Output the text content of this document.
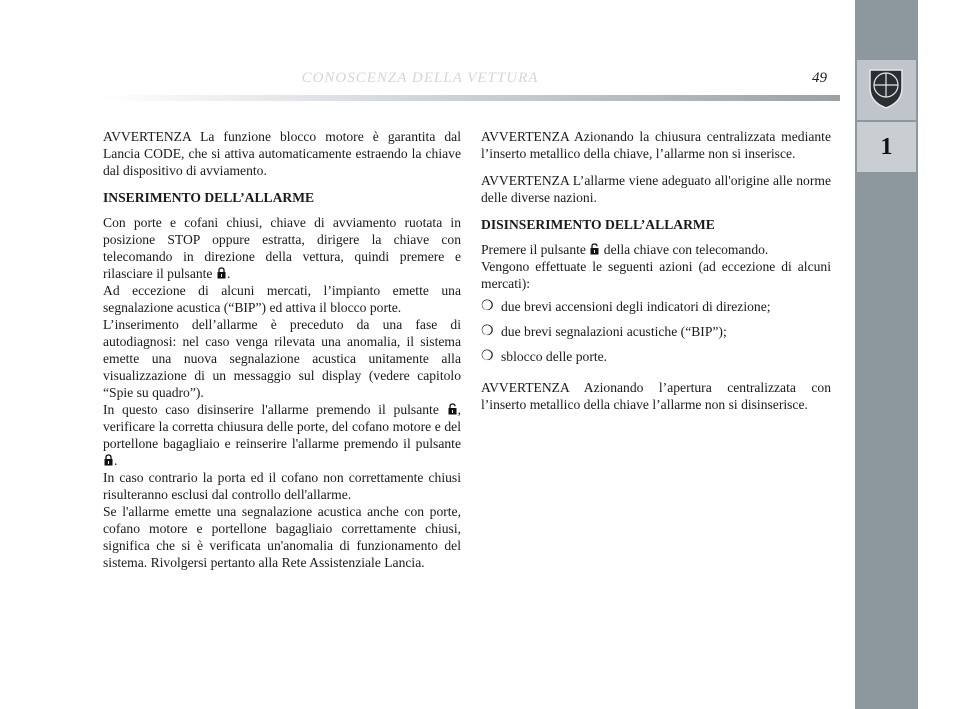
CONOSCENZA DELLA VETTURA	49
1

AVVERTENZA La funzione blocco motore è garantita dal Lancia CODE, che si attiva automaticamente estraendo la chiave dal dispositivo di avviamento.

INSERIMENTO DELL’ALLARME

Con porte e cofani chiusi, chiave di avviamento ruotata in posizione STOP oppure estratta, dirigere la chiave con telecomando in direzione della vettura, quindi premere e rilasciare il pulsante .

Ad eccezione di alcuni mercati, l’impianto emette una segnalazione acustica (“BIP”) ed attiva il blocco porte.

L’inserimento dell’allarme è preceduto da una fase di autodiagnosi: nel caso venga rilevata una anomalia, il sistema emette una nuova segnalazione acustica unitamente alla visualizzazione di un messaggio sul display (vedere capitolo “Spie su quadro”).

In questo caso disinserire l'allarme premendo il pulsante , verificare la corretta chiusura delle porte, del cofano motore e del portellone bagagliaio e reinserire l'allarme premendo il pulsante .

In caso contrario la porta ed il cofano non correttamente chiusi risulteranno esclusi dal controllo dell'allarme.

Se l'allarme emette una segnalazione acustica anche con porte, cofano motore e portellone bagagliaio correttamente chiusi, significa che si è verificata un'anomalia di funzionamento del sistema. Rivolgersi pertanto alla Rete Assistenziale Lancia.

AVVERTENZA Azionando la chiusura centralizzata mediante l’inserto metallico della chiave, l’allarme non si inserisce.

AVVERTENZA L’allarme viene adeguato all'origine alle norme delle diverse nazioni.

DISINSERIMENTO DELL’ALLARME

Premere il pulsante della chiave con telecomando.

Vengono effettuate le seguenti azioni (ad eccezione di alcuni mercati):

❍ due brevi accensioni degli indicatori di direzione;
❍ due brevi segnalazioni acustiche (“BIP”);
❍ sblocco delle porte.

AVVERTENZA Azionando l’apertura centralizzata con l’inserto metallico della chiave l’allarme non si disinserisce.
